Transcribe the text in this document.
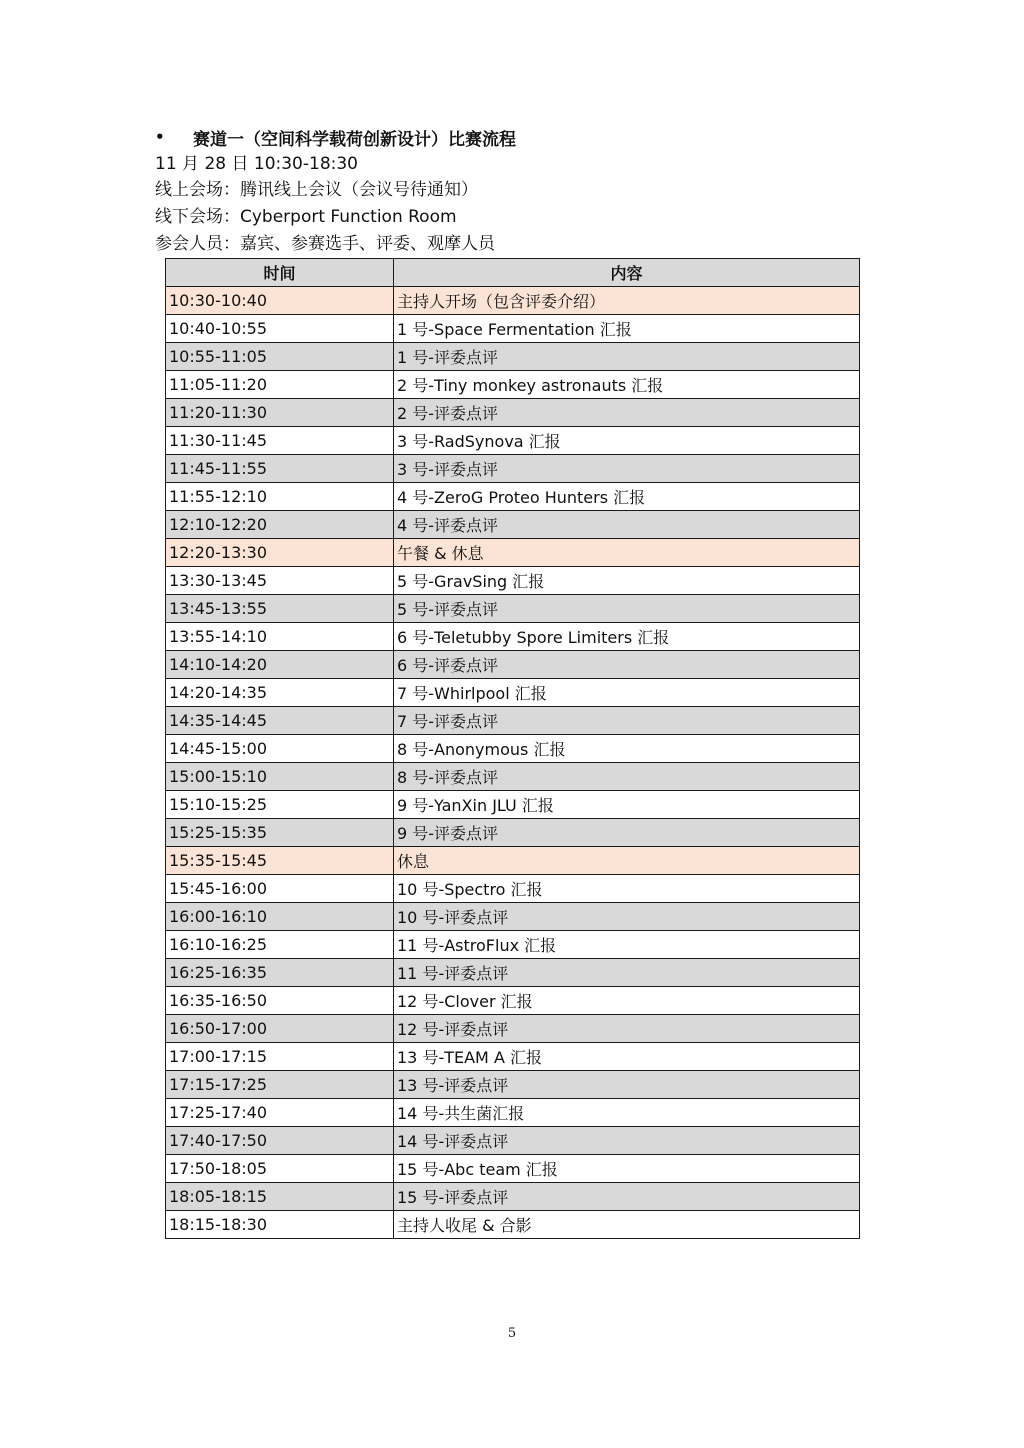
•	赛道一（空间科学载荷创新设计）比赛流程
11 月 28 日 10:30-18:30
线上会场：腾讯线上会议（会议号待通知）
线下会场：Cyberport Function Room
参会人员：嘉宾、参赛选手、评委、观摩人员
时间	内容
10:30-10:40	主持人开场（包含评委介绍）
10:40-10:55	1 号-Space Fermentation 汇报
10:55-11:05	1 号-评委点评
11:05-11:20	2 号-Tiny monkey astronauts 汇报
11:20-11:30	2 号-评委点评
11:30-11:45	3 号-RadSynova 汇报
11:45-11:55	3 号-评委点评
11:55-12:10	4 号-ZeroG Proteo Hunters 汇报
12:10-12:20	4 号-评委点评
12:20-13:30	午餐 & 休息
13:30-13:45	5 号-GravSing 汇报
13:45-13:55	5 号-评委点评
13:55-14:10	6 号-Teletubby Spore Limiters 汇报
14:10-14:20	6 号-评委点评
14:20-14:35	7 号-Whirlpool 汇报
14:35-14:45	7 号-评委点评
14:45-15:00	8 号-Anonymous 汇报
15:00-15:10	8 号-评委点评
15:10-15:25	9 号-YanXin JLU 汇报
15:25-15:35	9 号-评委点评
15:35-15:45	休息
15:45-16:00	10 号-Spectro 汇报
16:00-16:10	10 号-评委点评
16:10-16:25	11 号-AstroFlux 汇报
16:25-16:35	11 号-评委点评
16:35-16:50	12 号-Clover 汇报
16:50-17:00	12 号-评委点评
17:00-17:15	13 号-TEAM A 汇报
17:15-17:25	13 号-评委点评
17:25-17:40	14 号-共生菌汇报
17:40-17:50	14 号-评委点评
17:50-18:05	15 号-Abc team 汇报
18:05-18:15	15 号-评委点评
18:15-18:30	主持人收尾 & 合影
5
